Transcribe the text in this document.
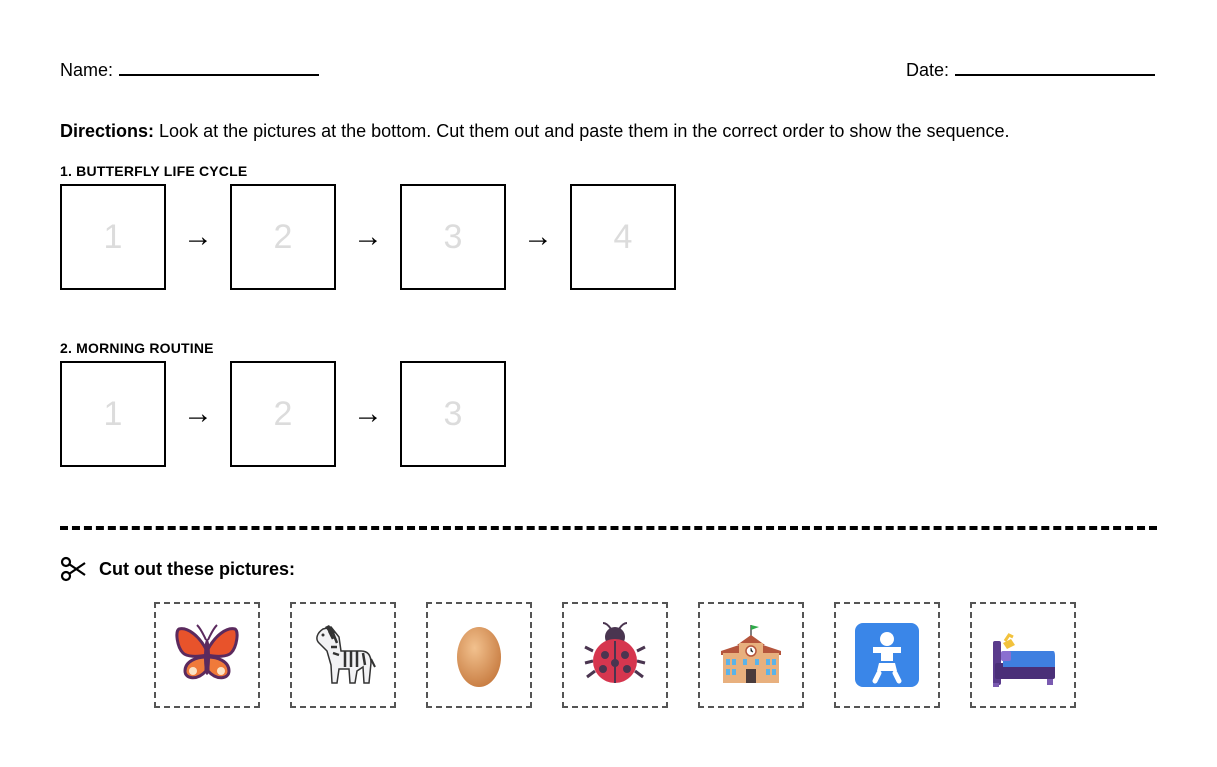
Name:	Date:
Directions: Look at the pictures at the bottom. Cut them out and paste them in the correct order to show the sequence.
1. BUTTERFLY LIFE CYCLE
1	→	2	→	3	→	4
2. MORNING ROUTINE
1	→	2	→	3
Cut out these pictures:
